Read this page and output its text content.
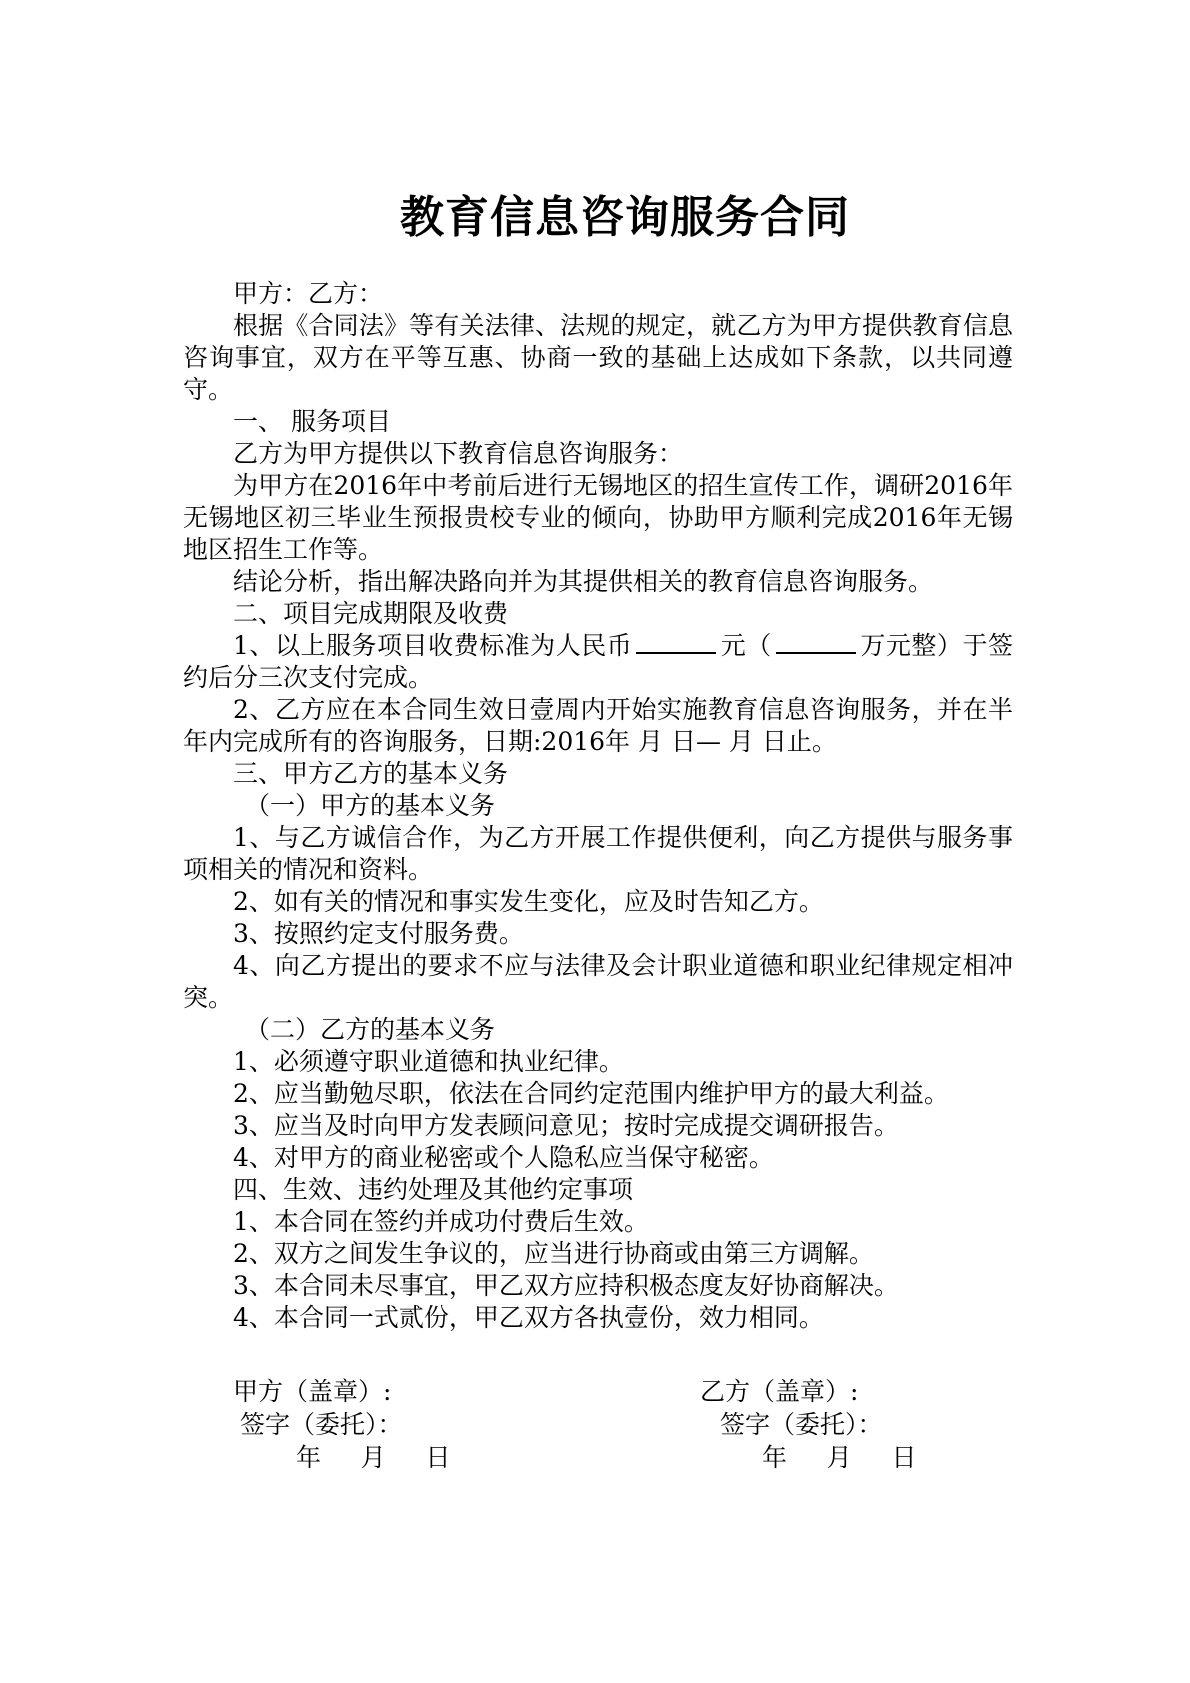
教育信息咨询服务合同

甲方：乙方：

根据《合同法》等有关法律、法规的规定，就乙方为甲方提供教育信息咨询事宜，双方在平等互惠、协商一致的基础上达成如下条款，以共同遵守。

一、 服务项目

乙方为甲方提供以下教育信息咨询服务：

为甲方在2016年中考前后进行无锡地区的招生宣传工作，调研2016年无锡地区初三毕业生预报贵校专业的倾向，协助甲方顺利完成2016年无锡地区招生工作等。

结论分析，指出解决路向并为其提供相关的教育信息咨询服务。

二、项目完成期限及收费

1、以上服务项目收费标准为人民币	元（	万元整）于签约后分三次支付完成。

2、乙方应在本合同生效日壹周内开始实施教育信息咨询服务，并在半年内完成所有的咨询服务，日期:2016年 月 日— 月 日止。

三、甲方乙方的基本义务

（一）甲方的基本义务

1、与乙方诚信合作，为乙方开展工作提供便利，向乙方提供与服务事项相关的情况和资料。

2、如有关的情况和事实发生变化，应及时告知乙方。

3、按照约定支付服务费。

4、向乙方提出的要求不应与法律及会计职业道德和职业纪律规定相冲突。

（二）乙方的基本义务

1、必须遵守职业道德和执业纪律。

2、应当勤勉尽职，依法在合同约定范围内维护甲方的最大利益。

3、应当及时向甲方发表顾问意见；按时完成提交调研报告。

4、对甲方的商业秘密或个人隐私应当保守秘密。

四、生效、违约处理及其他约定事项

1、本合同在签约并成功付费后生效。

2、双方之间发生争议的，应当进行协商或由第三方调解。

3、本合同未尽事宜，甲乙双方应持积极态度友好协商解决。

4、本合同一式贰份，甲乙双方各执壹份，效力相同。

甲方（盖章）:	乙方（盖章）:
签字（委托）：	签字（委托）：
年     月     日	年     月     日
